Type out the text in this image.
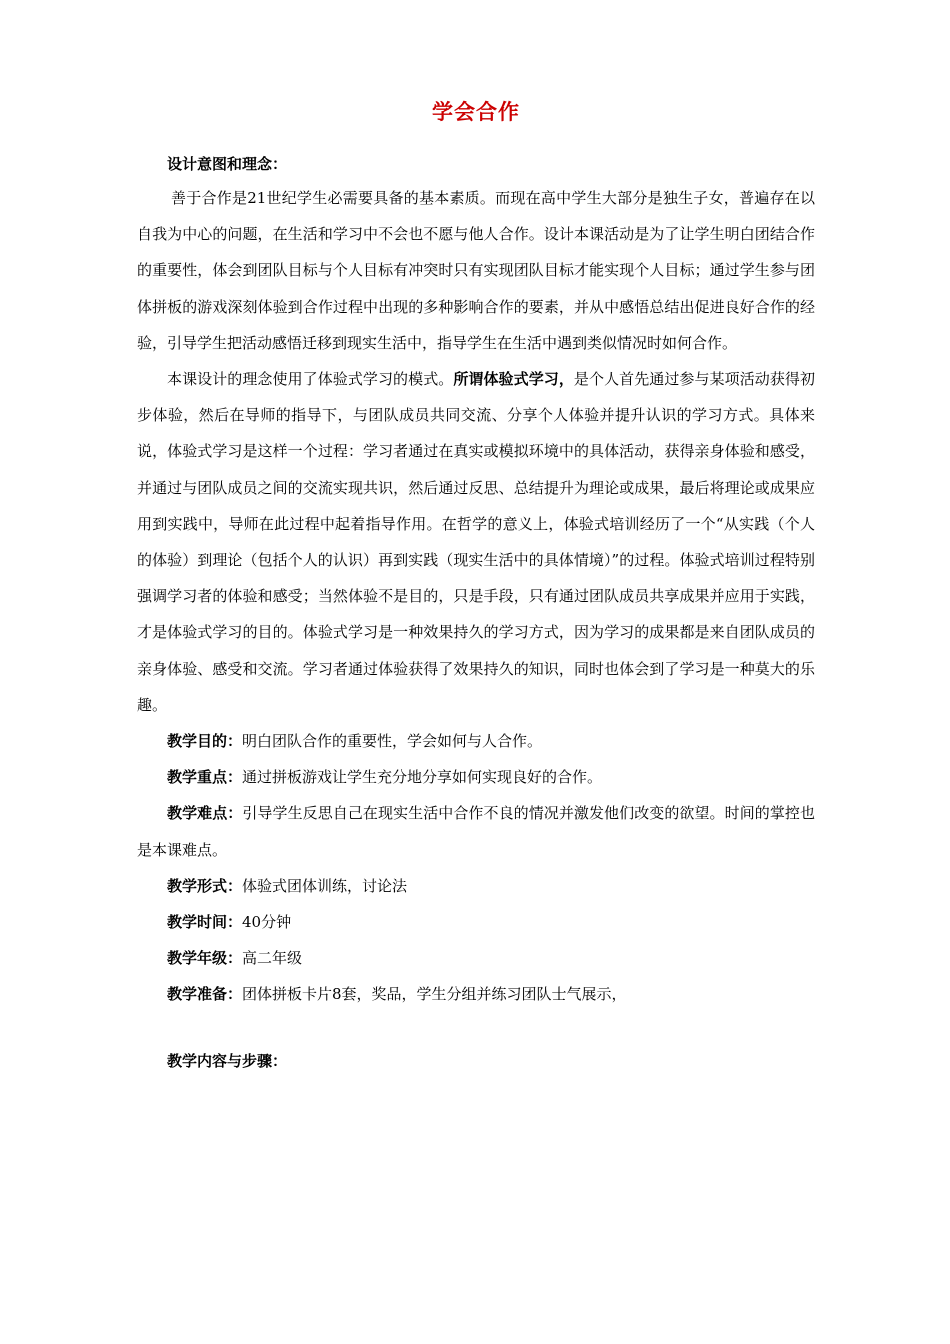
学会合作
设计意图和理念：

善于合作是21世纪学生必需要具备的基本素质。而现在高中学生大部分是独生子女，普遍存在以自我为中心的问题，在生活和学习中不会也不愿与他人合作。设计本课活动是为了让学生明白团结合作的重要性，体会到团队目标与个人目标有冲突时只有实现团队目标才能实现个人目标；通过学生参与团体拼板的游戏深刻体验到合作过程中出现的多种影响合作的要素，并从中感悟总结出促进良好合作的经验，引导学生把活动感悟迁移到现实生活中，指导学生在生活中遇到类似情况时如何合作。

本课设计的理念使用了体验式学习的模式。所谓体验式学习，是个人首先通过参与某项活动获得初步体验，然后在导师的指导下，与团队成员共同交流、分享个人体验并提升认识的学习方式。具体来说，体验式学习是这样一个过程：学习者通过在真实或模拟环境中的具体活动，获得亲身体验和感受，并通过与团队成员之间的交流实现共识，然后通过反思、总结提升为理论或成果，最后将理论或成果应用到实践中，导师在此过程中起着指导作用。在哲学的意义上，体验式培训经历了一个“从实践（个人的体验）到理论（包括个人的认识）再到实践（现实生活中的具体情境）”的过程。体验式培训过程特别强调学习者的体验和感受；当然体验不是目的，只是手段，只有通过团队成员共享成果并应用于实践，才是体验式学习的目的。体验式学习是一种效果持久的学习方式，因为学习的成果都是来自团队成员的亲身体验、感受和交流。学习者通过体验获得了效果持久的知识，同时也体会到了学习是一种莫大的乐趣。

教学目的：明白团队合作的重要性，学会如何与人合作。

教学重点：通过拼板游戏让学生充分地分享如何实现良好的合作。

教学难点：引导学生反思自己在现实生活中合作不良的情况并激发他们改变的欲望。时间的掌控也是本课难点。

教学形式：体验式团体训练，讨论法

教学时间：40分钟

教学年级：高二年级

教学准备：团体拼板卡片8套，奖品，学生分组并练习团队士气展示，

教学内容与步骤：
